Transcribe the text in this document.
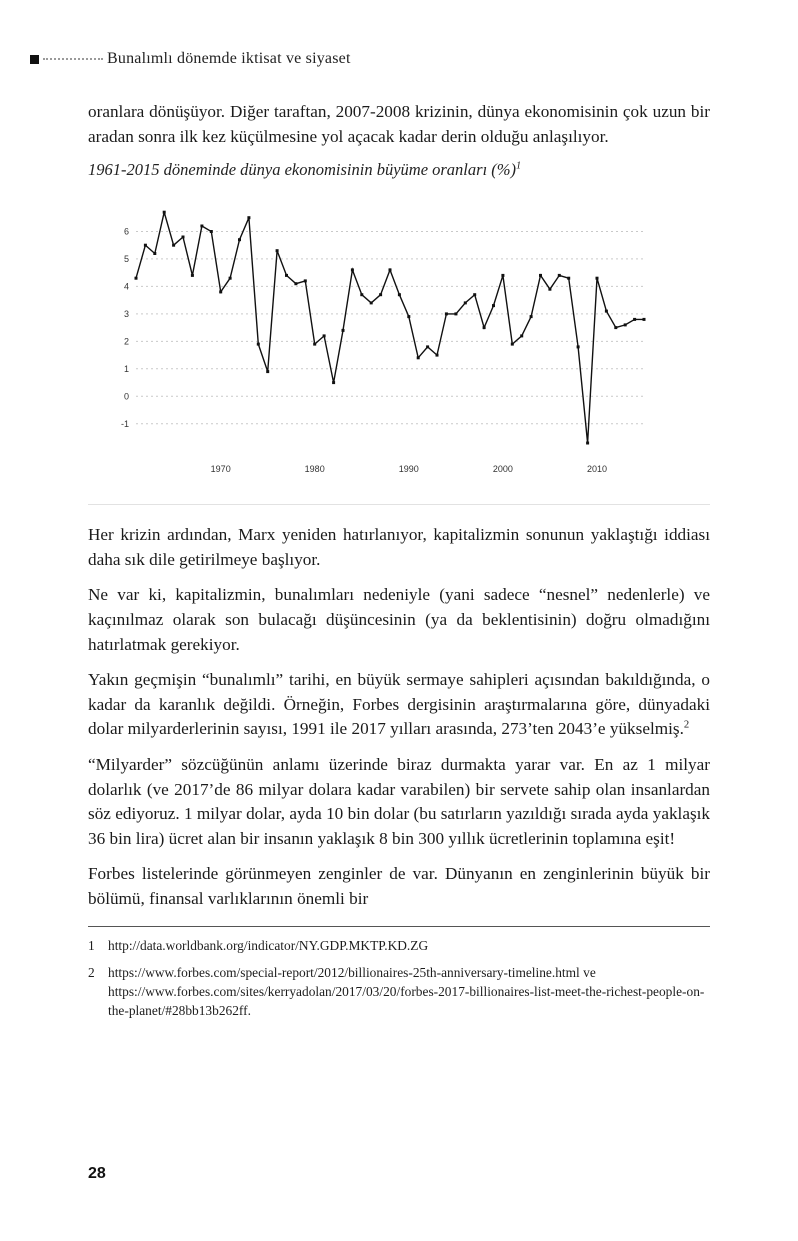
Bunalımlı dönemde iktisat ve siyaset

oranlara dönüşüyor. Diğer taraftan, 2007-2008 krizinin, dünya ekonomisinin çok uzun bir aradan sonra ilk kez küçülmesine yol açacak kadar derin olduğu anlaşılıyor.

1961-2015 döneminde dünya ekonomisinin büyüme oranları (%)$^1$

6
5
4
3
2
1
0
-1
1970	1980	1990	2000	2010

Her krizin ardından, Marx yeniden hatırlanıyor, kapitalizmin sonunun yaklaştığı iddiası daha sık dile getirilmeye başlıyor.

Ne var ki, kapitalizmin, bunalımları nedeniyle (yani sadece “nesnel” nedenlerle) ve kaçınılmaz olarak son bulacağı düşüncesinin (ya da beklentisinin) doğru olmadığını hatırlatmak gerekiyor.

Yakın geçmişin “bunalımlı” tarihi, en büyük sermaye sahipleri açısından bakıldığında, o kadar da karanlık değildi. Örneğin, Forbes dergisinin araştırmalarına göre, dünyadaki dolar milyarderlerinin sayısı, 1991 ile 2017 yılları arasında, 273’ten 2043’e yükselmiş.$^2$

“Milyarder” sözcüğünün anlamı üzerinde biraz durmakta yarar var. En az 1 milyar dolarlık (ve 2017’de 86 milyar dolara kadar varabilen) bir servete sahip olan insanlardan söz ediyoruz. 1 milyar dolar, ayda 10 bin dolar (bu satırların yazıldığı sırada ayda yaklaşık 36 bin lira) ücret alan bir insanın yaklaşık 8 bin 300 yıllık ücretlerinin toplamına eşit!

Forbes listelerinde görünmeyen zenginler de var. Dünyanın en zenginlerinin büyük bir bölümü, finansal varlıklarının önemli bir

1 http://data.worldbank.org/indicator/NY.GDP.MKTP.KD.ZG
2 https://www.forbes.com/special-report/2012/billionaires-25th-anniversary-timeline.html ve https://www.forbes.com/sites/kerryadolan/2017/03/20/forbes-2017-billionaires-list-meet-the-richest-people-on-the-planet/#28bb13b262ff.
28
